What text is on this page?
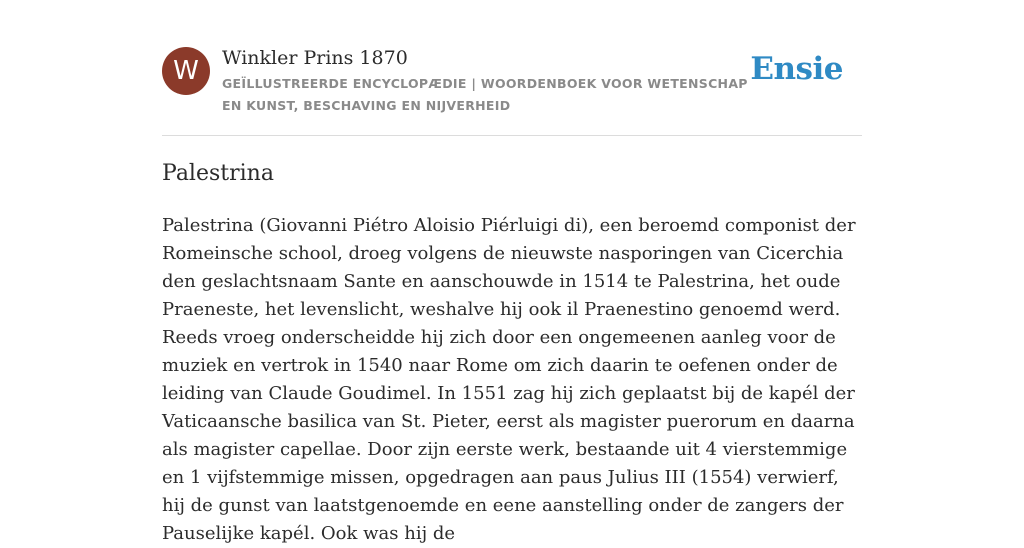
W	Winkler Prins 1870
GEÏLLUSTREERDE ENCYCLOPÆDIE | WOORDENBOEK VOOR WETENSCHAP EN KUNST, BESCHAVING EN NIJVERHEID
Ensie
Palestrina

Palestrina (Giovanni Piétro Aloisio Piérluigi di), een beroemd componist der Romeinsche school, droeg volgens de nieuwste nasporingen van Cicerchia den geslachtsnaam Sante en aanschouwde in 1514 te Palestrina, het oude Praeneste, het levenslicht, weshalve hij ook il Praenestino genoemd werd. Reeds vroeg onderscheidde hij zich door een ongemeenen aanleg voor de muziek en vertrok in 1540 naar Rome om zich daarin te oefenen onder de leiding van Claude Goudimel. In 1551 zag hij zich geplaatst bij de kapél der Vaticaansche basilica van St. Pieter, eerst als magister puerorum en daarna als magister capellae. Door zijn eerste werk, bestaande uit 4 vierstemmige en 1 vijfstemmige missen, opgedragen aan paus Julius III (1554) verwierf, hij de gunst van laatstgenoemde en eene aanstelling onder de zangers der Pauselijke kapél. Ook was hij de
